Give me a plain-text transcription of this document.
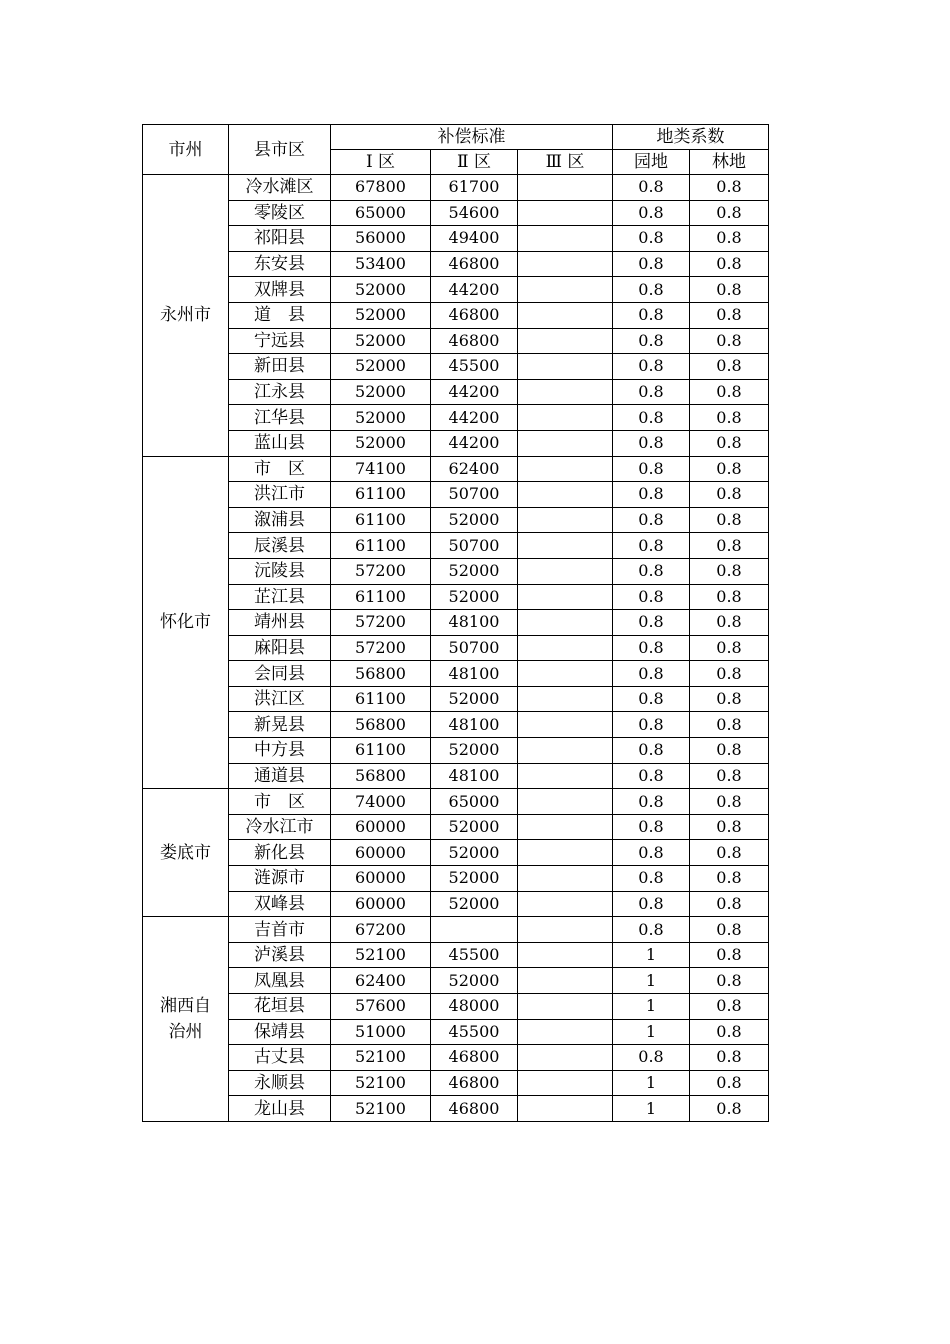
市州	县市区	补偿标准			地类系数	
		Ⅰ 区	Ⅱ 区	Ⅲ 区	园地	林地
永州市	冷水滩区	67800	61700		0.8	0.8
	零陵区	65000	54600		0.8	0.8
	祁阳县	56000	49400		0.8	0.8
	东安县	53400	46800		0.8	0.8
	双牌县	52000	44200		0.8	0.8
	道　县	52000	46800		0.8	0.8
	宁远县	52000	46800		0.8	0.8
	新田县	52000	45500		0.8	0.8
	江永县	52000	44200		0.8	0.8
	江华县	52000	44200		0.8	0.8
	蓝山县	52000	44200		0.8	0.8
怀化市	市　区	74100	62400		0.8	0.8
	洪江市	61100	50700		0.8	0.8
	溆浦县	61100	52000		0.8	0.8
	辰溪县	61100	50700		0.8	0.8
	沅陵县	57200	52000		0.8	0.8
	芷江县	61100	52000		0.8	0.8
	靖州县	57200	48100		0.8	0.8
	麻阳县	57200	50700		0.8	0.8
	会同县	56800	48100		0.8	0.8
	洪江区	61100	52000		0.8	0.8
	新晃县	56800	48100		0.8	0.8
	中方县	61100	52000		0.8	0.8
	通道县	56800	48100		0.8	0.8
娄底市	市　区	74000	65000		0.8	0.8
	冷水江市	60000	52000		0.8	0.8
	新化县	60000	52000		0.8	0.8
	涟源市	60000	52000		0.8	0.8
	双峰县	60000	52000		0.8	0.8
湘西自治州	吉首市	67200			0.8	0.8
	泸溪县	52100	45500		1	0.8
	凤凰县	62400	52000		1	0.8
	花垣县	57600	48000		1	0.8
	保靖县	51000	45500		1	0.8
	古丈县	52100	46800		0.8	0.8
	永顺县	52100	46800		1	0.8
	龙山县	52100	46800		1	0.8
